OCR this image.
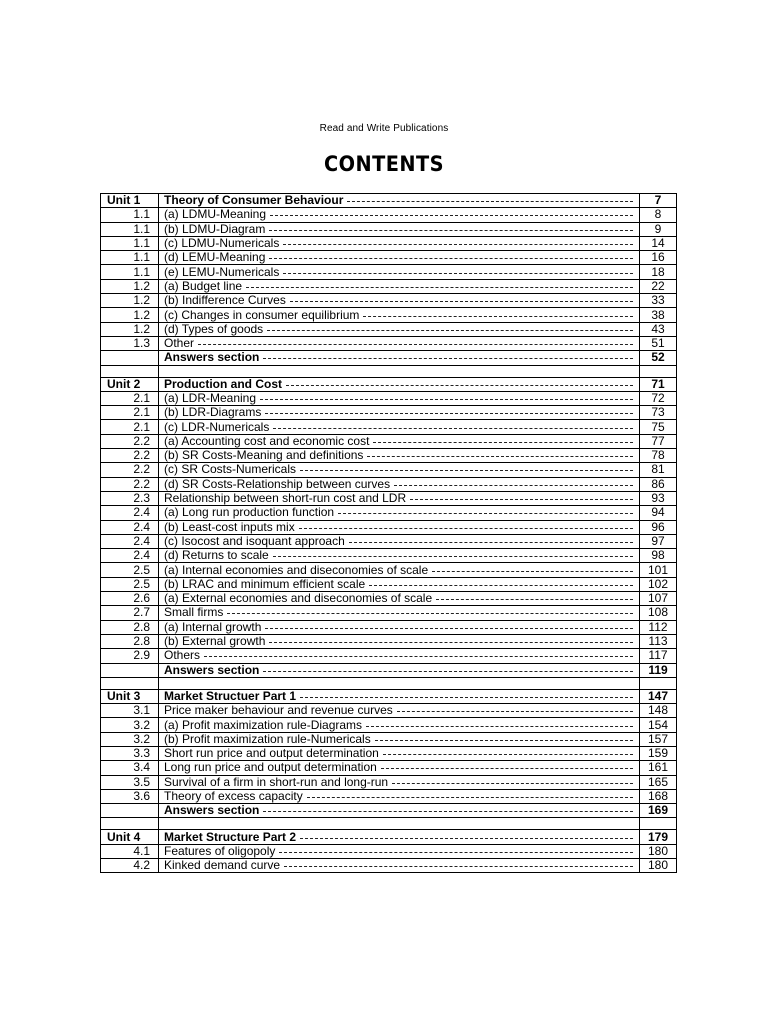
Read and Write Publications
CONTENTS
Unit 1	Theory of Consumer Behaviour	7
1.1	(a) LDMU-Meaning	8
1.1	(b) LDMU-Diagram	9
1.1	(c) LDMU-Numericals	14
1.1	(d) LEMU-Meaning	16
1.1	(e) LEMU-Numericals	18
1.2	(a) Budget line	22
1.2	(b) Indifference Curves	33
1.2	(c) Changes in consumer equilibrium	38
1.2	(d) Types of goods	43
1.3	Other	51

	Answers section	52

Unit 2	Production and Cost	71
2.1	(a) LDR-Meaning	72
2.1	(b) LDR-Diagrams	73
2.1	(c) LDR-Numericals	75
2.2	(a) Accounting cost and economic cost	77
2.2	(b) SR Costs-Meaning and definitions	78
2.2	(c) SR Costs-Numericals	81
2.2	(d) SR Costs-Relationship between curves	86
2.3	Relationship between short-run cost and LDR	93
2.4	(a) Long run production function	94
2.4	(b) Least-cost inputs mix	96
2.4	(c) Isocost and isoquant approach	97
2.4	(d) Returns to scale	98
2.5	(a) Internal economies and diseconomies of scale	101
2.5	(b) LRAC and minimum efficient scale	102
2.6	(a) External economies and diseconomies of scale	107
2.7	Small firms	108
2.8	(a) Internal growth	112
2.8	(b) External growth	113
2.9	Others	117

	Answers section	119

Unit 3	Market Structuer Part 1	147
3.1	Price maker behaviour and revenue curves	148
3.2	(a) Profit maximization rule-Diagrams	154
3.2	(b) Profit maximization rule-Numericals	157
3.3	Short run price and output determination	159
3.4	Long run price and output determination	161
3.5	Survival of a firm in short-run and long-run	165
3.6	Theory of excess capacity	168

	Answers section	169

Unit 4	Market Structure Part 2	179
4.1	Features of oligopoly	180
4.2	Kinked demand curve	180
